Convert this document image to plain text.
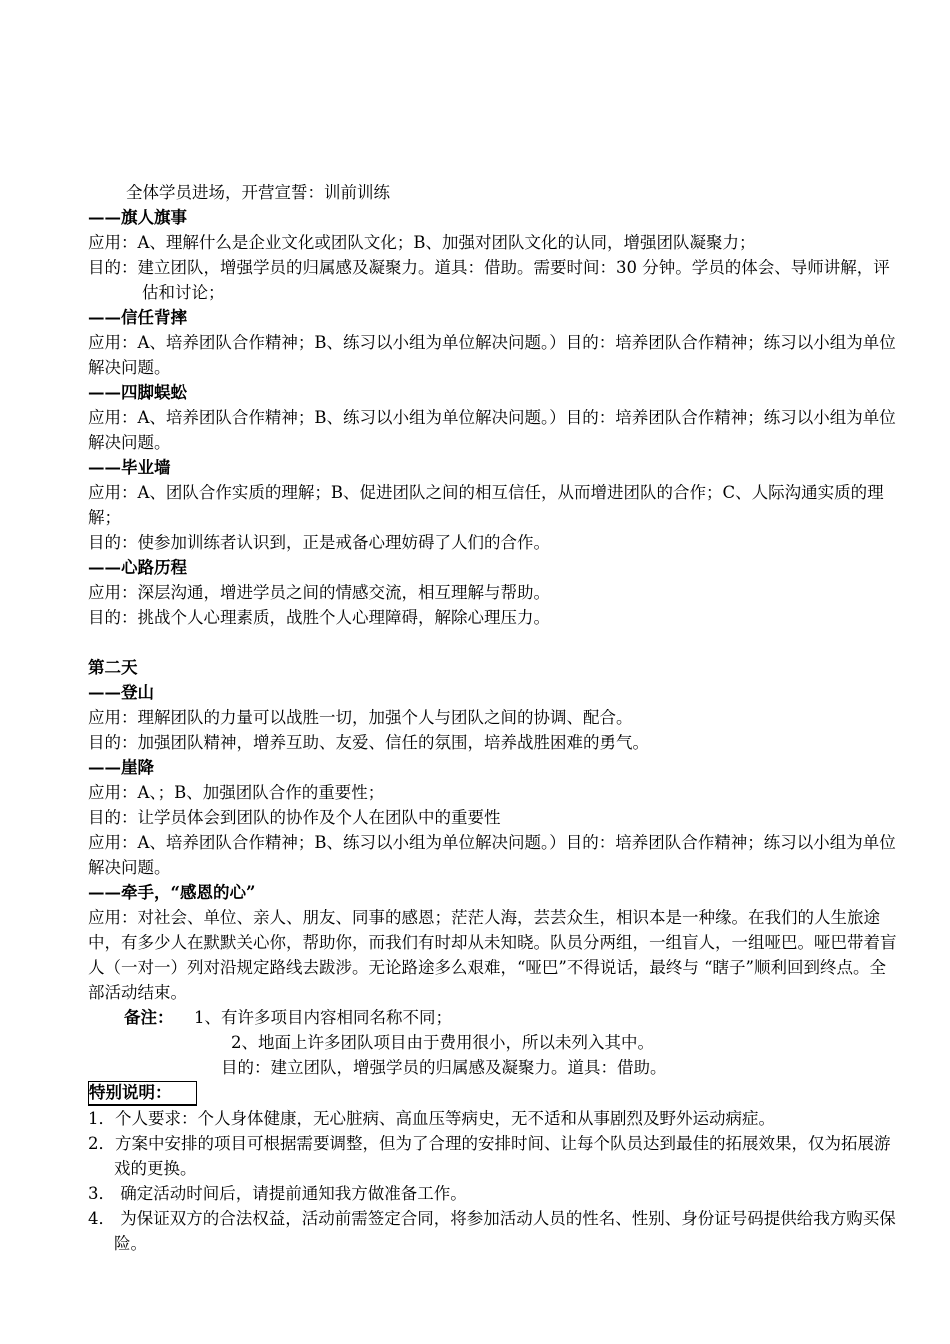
全体学员进场，开营宣誓：训前训练

——旗人旗事

应用：A、理解什么是企业文化或团队文化；B、加强对团队文化的认同，增强团队凝聚力；

目的：建立团队，增强学员的归属感及凝聚力。道具：借助。需要时间：30 分钟。学员的体会、导师讲解，评估和讨论；

——信任背摔

应用：A、培养团队合作精神；B、练习以小组为单位解决问题。）目的：培养团队合作精神；练习以小组为单位解决问题。

——四脚蜈蚣

应用：A、培养团队合作精神；B、练习以小组为单位解决问题。）目的：培养团队合作精神；练习以小组为单位解决问题。

——毕业墙

应用：A、团队合作实质的理解；B、促进团队之间的相互信任，从而增进团队的合作；C、人际沟通实质的理解；

目的：使参加训练者认识到，正是戒备心理妨碍了人们的合作。

——心路历程

应用：深层沟通，增进学员之间的情感交流，相互理解与帮助。

目的：挑战个人心理素质，战胜个人心理障碍，解除心理压力。

第二天

——登山

应用：理解团队的力量可以战胜一切，加强个人与团队之间的协调、配合。

目的：加强团队精神，增养互助、友爱、信任的氛围，培养战胜困难的勇气。

——崖降

应用：A、；B、加强团队合作的重要性；

目的：让学员体会到团队的协作及个人在团队中的重要性

应用：A、培养团队合作精神；B、练习以小组为单位解决问题。）目的：培养团队合作精神；练习以小组为单位解决问题。

——牵手，“感恩的心”

应用：对社会、单位、亲人、朋友、同事的感恩；茫茫人海，芸芸众生，相识本是一种缘。在我们的人生旅途中，有多少人在默默关心你，帮助你，而我们有时却从未知晓。队员分两组，一组盲人，一组哑巴。哑巴带着盲人（一对一）列对沿规定路线去跋涉。无论路途多么艰难，“哑巴”不得说话，最终与 “瞎子”顺利回到终点。全部活动结束。

备注： 1、有许多项目内容相同名称不同；

2、地面上许多团队项目由于费用很小，所以未列入其中。

目的：建立团队，增强学员的归属感及凝聚力。道具：借助。

特别说明：

1．个人要求：个人身体健康，无心脏病、高血压等病史，无不适和从事剧烈及野外运动病症。

2．方案中安排的项目可根据需要调整，但为了合理的安排时间、让每个队员达到最佳的拓展效果，仅为拓展游戏的更换。

3． 确定活动时间后，请提前通知我方做准备工作。

4． 为保证双方的合法权益，活动前需签定合同，将参加活动人员的性名、性别、身份证号码提供给我方购买保险。
